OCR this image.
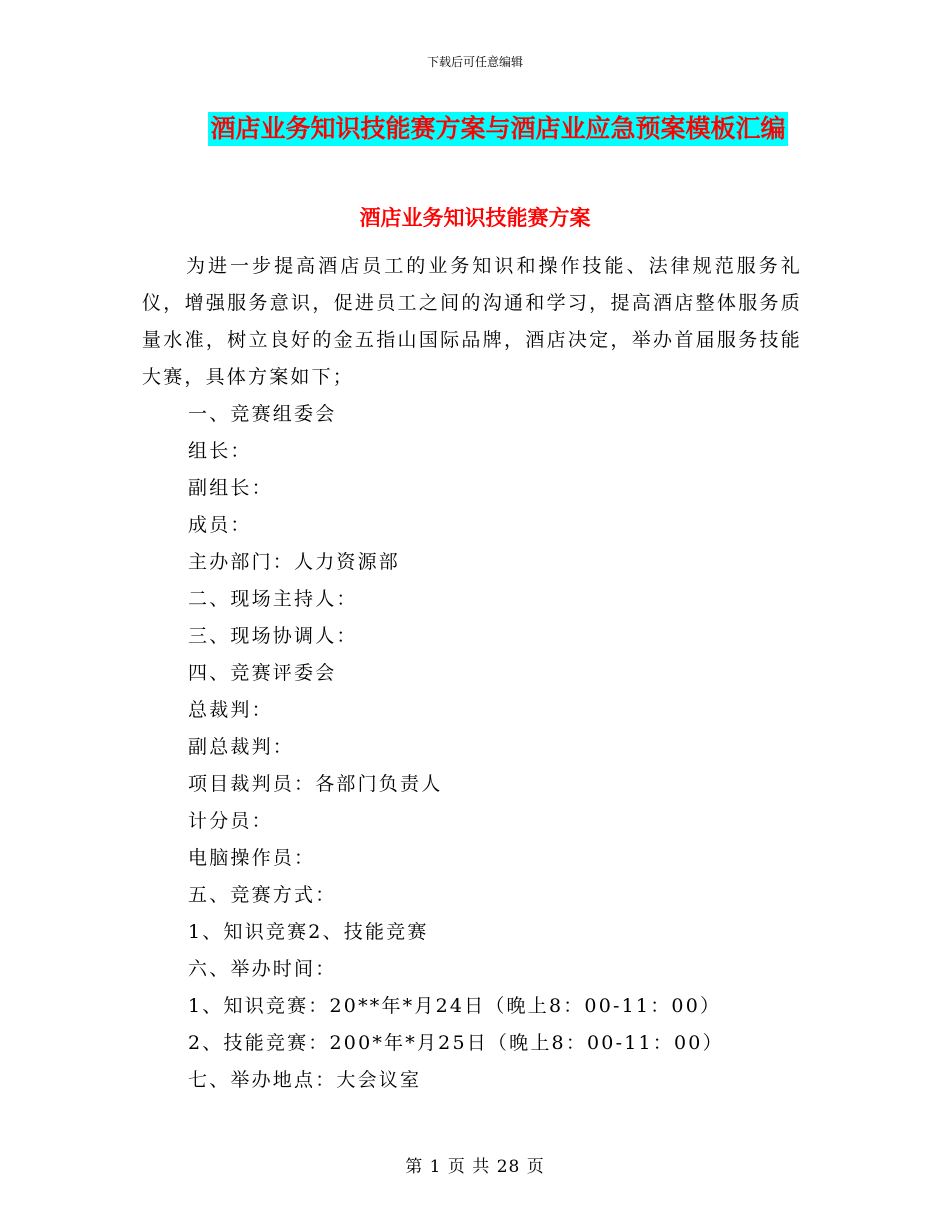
下载后可任意编辑
酒店业务知识技能赛方案与酒店业应急预案模板汇编
酒店业务知识技能赛方案

为进一步提高酒店员工的业务知识和操作技能、法律规范服务礼仪，增强服务意识，促进员工之间的沟通和学习，提高酒店整体服务质量水准，树立良好的金五指山国际品牌，酒店决定，举办首届服务技能大赛，具体方案如下；

一、竞赛组委会

组长：

副组长：

成员：

主办部门：人力资源部

二、现场主持人：

三、现场协调人：

四、竞赛评委会

总裁判：

副总裁判：

项目裁判员：各部门负责人

计分员：

电脑操作员：

五、竞赛方式：

1、知识竞赛2、技能竞赛

六、举办时间：

1、知识竞赛：20**年*月24日（晚上8：00-11：00）

2、技能竞赛：200*年*月25日（晚上8：00-11：00）

七、举办地点：大会议室

第 1 页 共 28 页
